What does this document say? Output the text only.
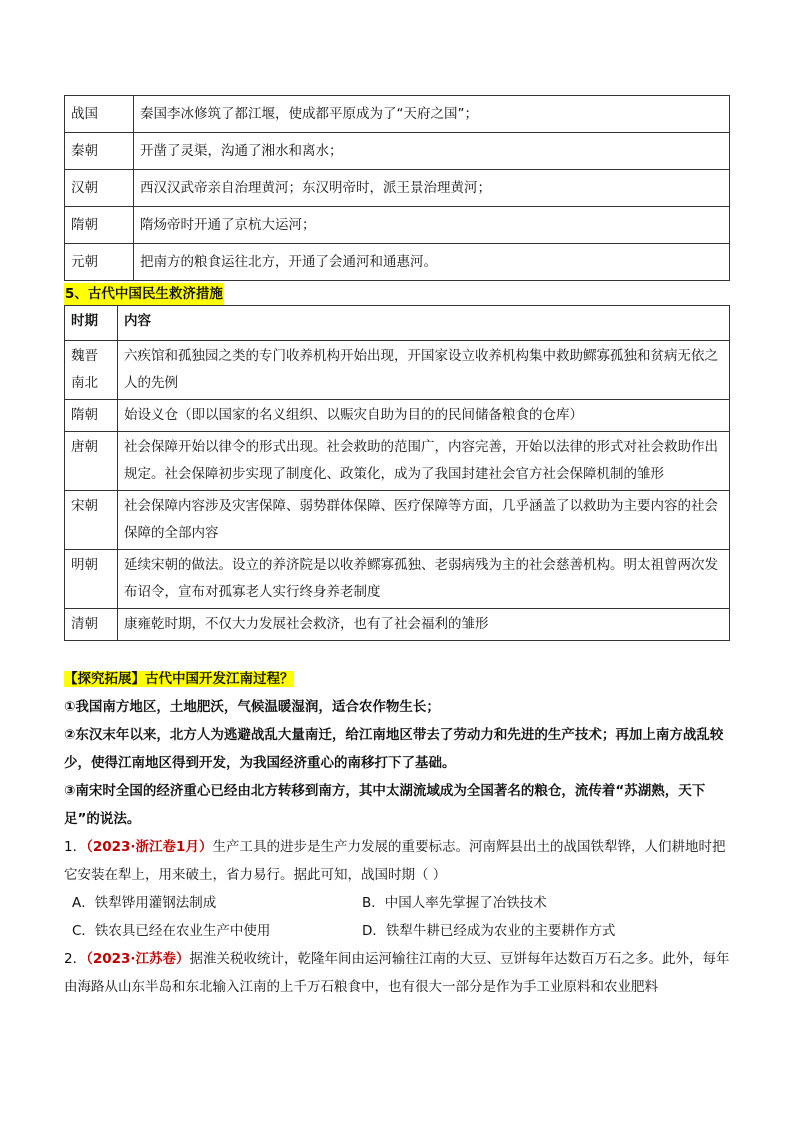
战国	秦国李冰修筑了都江堰，使成都平原成为了“天府之国”；
秦朝	开凿了灵渠，沟通了湘水和离水；
汉朝	西汉汉武帝亲自治理黄河；东汉明帝时，派王景治理黄河；
隋朝	隋炀帝时开通了京杭大运河；
元朝	把南方的粮食运往北方，开通了会通河和通惠河。
5、古代中国民生救济措施
时期	内容
魏晋南北	六疾馆和孤独园之类的专门收养机构开始出现，开国家设立收养机构集中救助鳏寡孤独和贫病无依之人的先例
隋朝	始设义仓（即以国家的名义组织、以赈灾自助为目的的民间储备粮食的仓库）
唐朝	社会保障开始以律令的形式出现。社会救助的范围广，内容完善，开始以法律的形式对社会救助作出规定。社会保障初步实现了制度化、政策化，成为了我国封建社会官方社会保障机制的雏形
宋朝	社会保障内容涉及灾害保障、弱势群体保障、医疗保障等方面，几乎涵盖了以救助为主要内容的社会保障的全部内容
明朝	延续宋朝的做法。设立的养济院是以收养鳏寡孤独、老弱病残为主的社会慈善机构。明太祖曾两次发布诏令，宣布对孤寡老人实行终身养老制度
清朝	康雍乾时期，不仅大力发展社会救济，也有了社会福利的雏形
【探究拓展】古代中国开发江南过程？
①我国南方地区，土地肥沃，气候温暖湿润，适合农作物生长；
②东汉末年以来，北方人为逃避战乱大量南迁，给江南地区带去了劳动力和先进的生产技术；再加上南方战乱较少，使得江南地区得到开发，为我国经济重心的南移打下了基础。
③南宋时全国的经济重心已经由北方转移到南方，其中太湖流域成为全国著名的粮仓，流传着“苏湖熟，天下足”的说法。
1．（2023·浙江卷1月）生产工具的进步是生产力发展的重要标志。河南辉县出土的战国铁犁铧，人们耕地时把它安装在犁上，用来破土，省力易行。据此可知，战国时期（ ）
A．铁犁铧用灌钢法制成	B．中国人率先掌握了冶铁技术
C．铁农具已经在农业生产中使用	D．铁犁牛耕已经成为农业的主要耕作方式
2．（2023·江苏卷）据淮关税收统计，乾隆年间由运河输往江南的大豆、豆饼每年达数百万石之多。此外，每年由海路从山东半岛和东北输入江南的上千万石粮食中，也有很大一部分是作为手工业原料和农业肥料
